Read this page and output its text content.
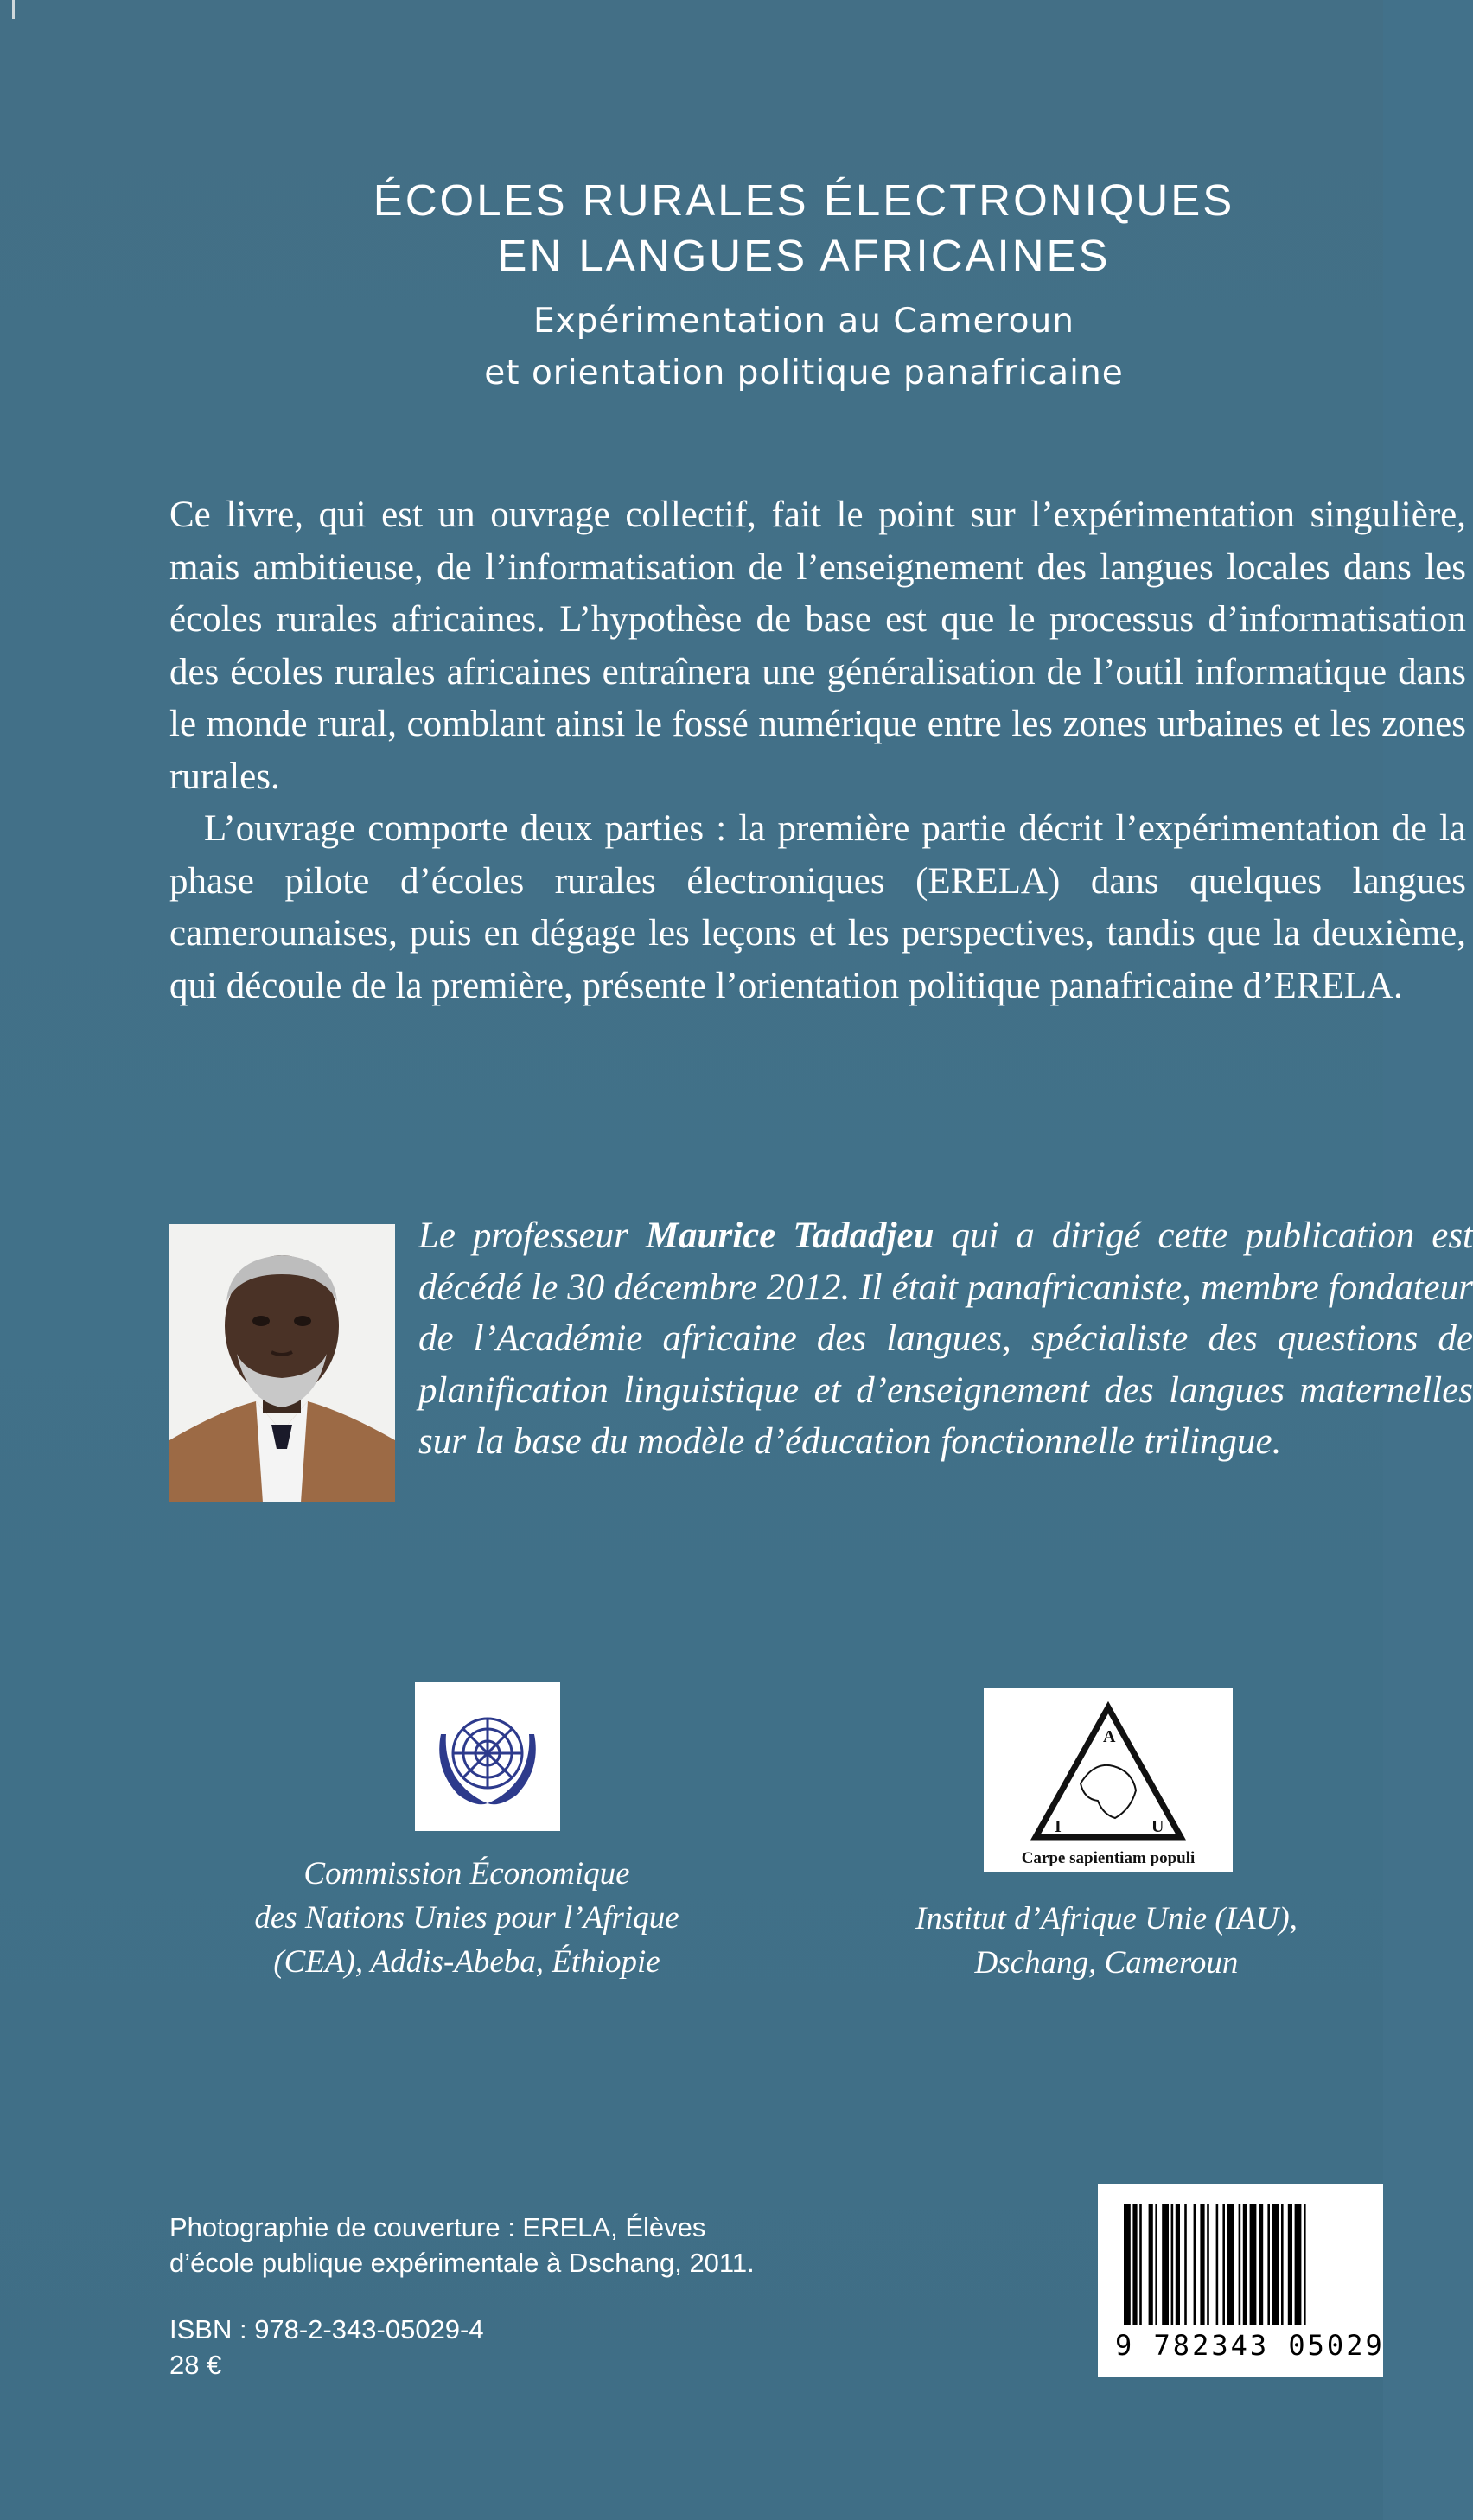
ÉCOLES RURALES ÉLECTRONIQUES

EN LANGUES AFRICAINES

Expérimentation au Cameroun

et orientation politique panafricaine

Ce livre, qui est un ouvrage collectif, fait le point sur l’expérimentation singulière, mais ambitieuse, de l’informatisation de l’enseignement des langues locales dans les écoles rurales africaines. L’hypothèse de base est que le processus d’informatisation des écoles rurales africaines entraînera une généralisation de l’outil informatique dans le monde rural, comblant ainsi le fossé numérique entre les zones urbaines et les zones rurales.

L’ouvrage comporte deux parties : la première partie décrit l’expérimentation de la phase pilote d’écoles rurales électroniques (ERELA) dans quelques langues camerounaises, puis en dégage les leçons et les perspectives, tandis que la deuxième, qui découle de la première, présente l’orientation politique panafricaine d’ERELA.

Le professeur Maurice Tadadjeu qui a dirigé cette publication est décédé le 30 décembre 2012. Il était panafricaniste, membre fondateur de l’Académie africaine des langues, spécialiste des questions de planification linguistique et d’enseignement des langues maternelles sur la base du modèle d’éducation fonctionnelle trilingue.

A
I	U
Carpe sapientiam populi
Commission Économique
des Nations Unies pour l’Afrique
(CEA), Addis-Abeba, Éthiopie
Institut d’Afrique Unie (IAU),
Dschang, Cameroun
Photographie de couverture : ERELA, Élèves
d’école publique expérimentale à Dschang, 2011.
ISBN : 978-2-343-05029-4
28 €
9 782343 05029
